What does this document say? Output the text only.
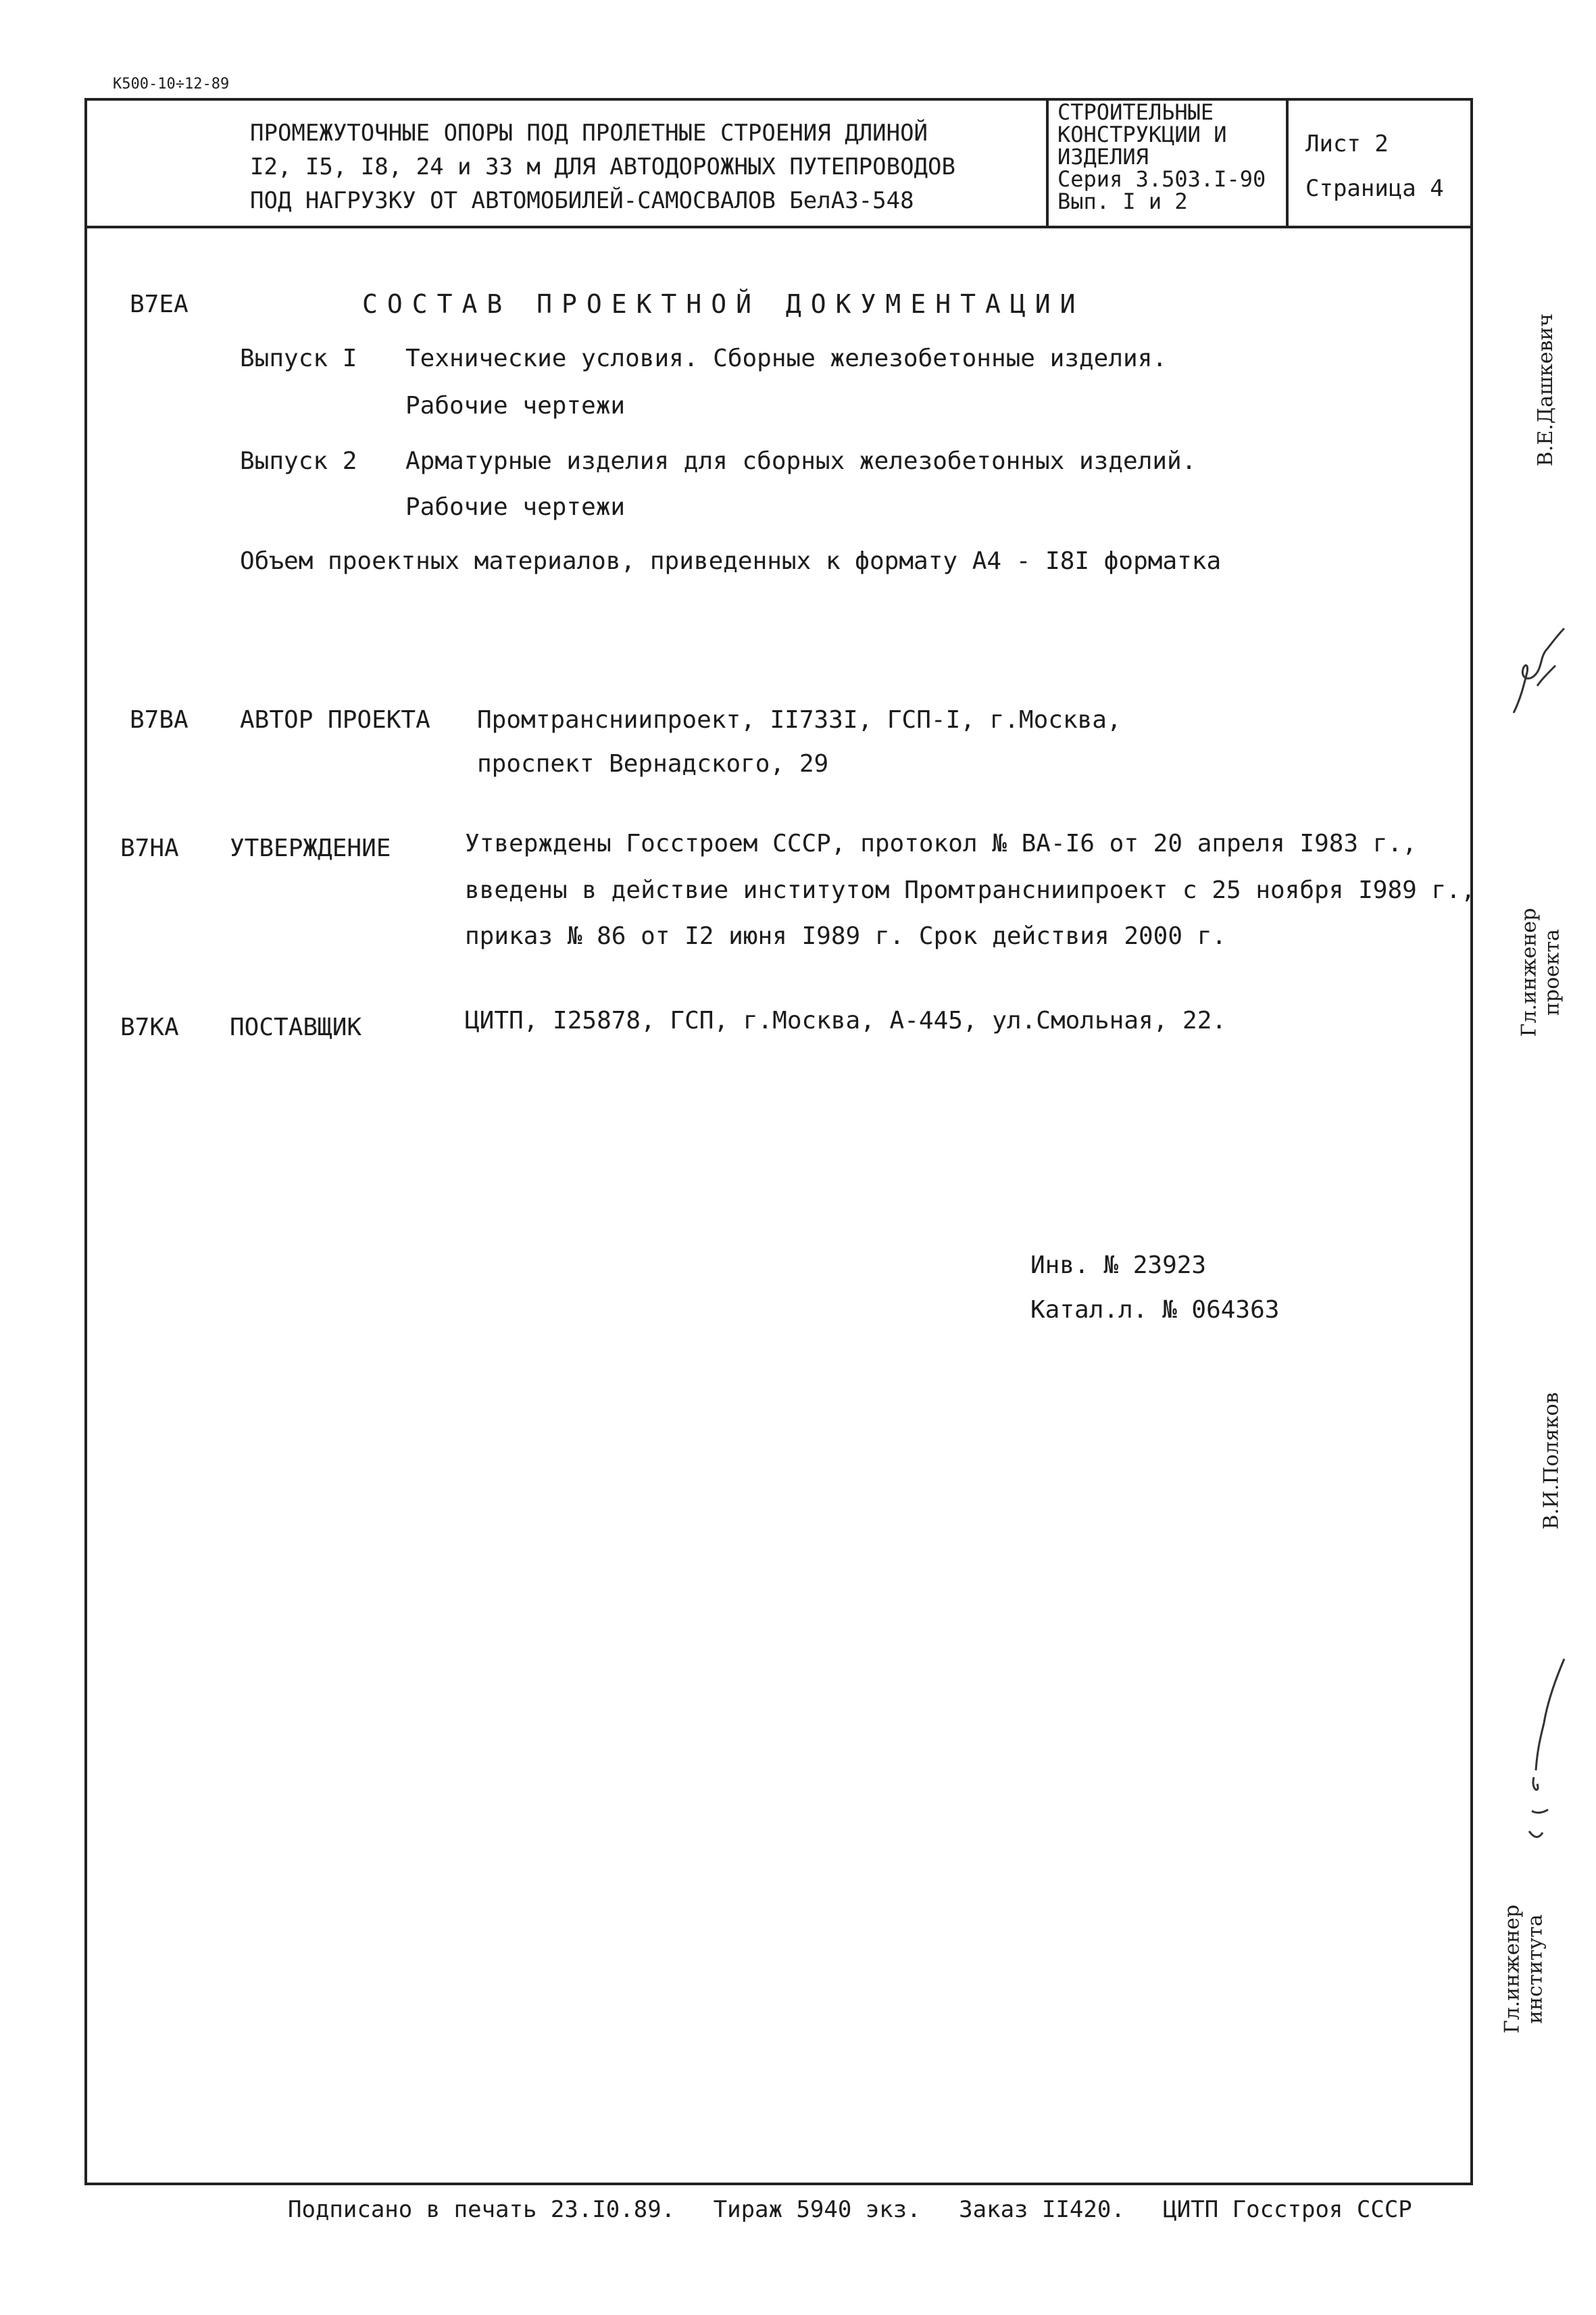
К500-10÷12-89
ПРОМЕЖУТОЧНЫЕ ОПОРЫ ПОД ПРОЛЕТНЫЕ СТРОЕНИЯ ДЛИНОЙ
I2, I5, I8, 24 и 33 м ДЛЯ АВТОДОРОЖНЫХ ПУТЕПРОВОДОВ
ПОД НАГРУЗКУ ОТ АВТОМОБИЛЕЙ-САМОСВАЛОВ БелАЗ-548
СТРОИТЕЛЬНЫЕ
КОНСТРУКЦИИ И
ИЗДЕЛИЯ
Серия 3.503.I-90
Вып. I и 2
Лист 2
Страница 4
В7ЕА	СОСТАВ ПРОЕКТНОЙ ДОКУМЕНТАЦИИ
Выпуск I Технические условия. Сборные железобетонные изделия.
Рабочие чертежи
Выпуск 2 Арматурные изделия для сборных железобетонных изделий.
Рабочие чертежи
Объем проектных материалов, приведенных к формату А4 - I8I форматка
В7ВА АВТОР ПРОЕКТА Промтрансниипроект, II733I, ГСП-I, г.Москва,
проспект Вернадского, 29
В7НА УТВЕРЖДЕНИЕ	Утверждены Госстроем СССР, протокол № ВА-I6 от 20 апреля I983 г.,
введены в действие институтом Промтрансниипроект с 25 ноября I989 г.,
приказ № 86 от I2 июня I989 г. Срок действия 2000 г.
В7КА ПОСТАВЩИК	ЦИТП, I25878, ГСП, г.Москва, А-445, ул.Смольная, 22.
Инв. № 23923
Катал.л. № 064363
В.Е.Дашкевич
Гл.инженер проекта
В.И.Поляков
Гл.инженер института
Подписано в печать 23.I0.89. Тираж 5940 экз. Заказ II420. ЦИТП Госстроя СССР
